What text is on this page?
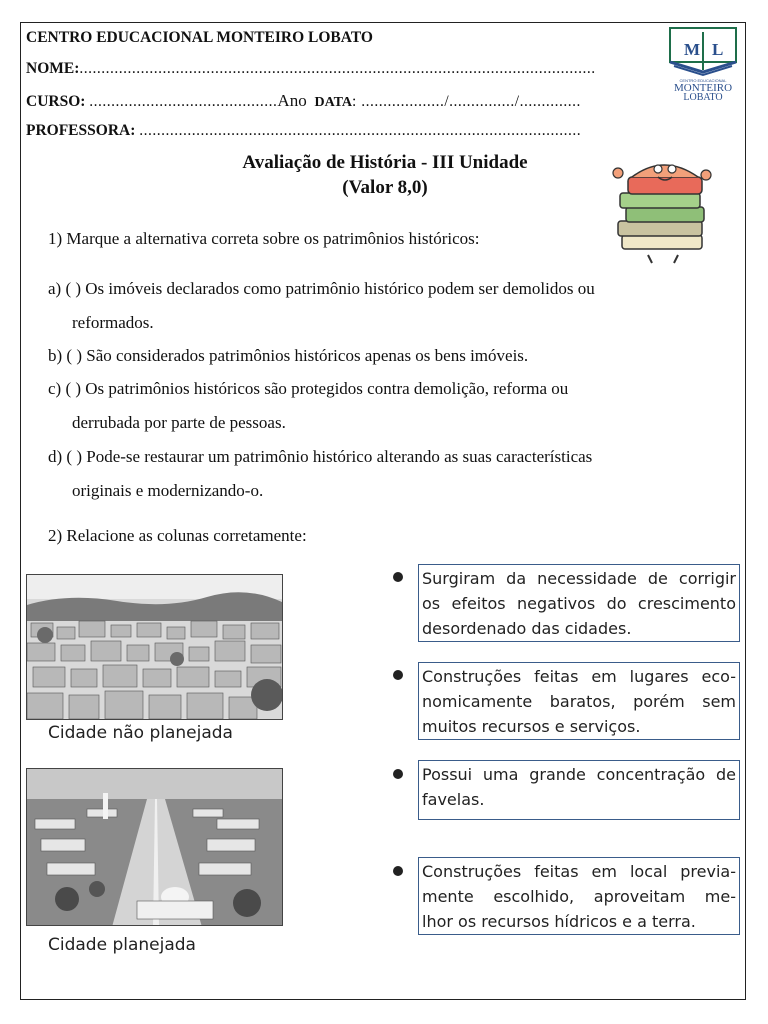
CENTRO EDUCACIONAL MONTEIRO LOBATO
NOME:......................................................................................................................
CURSO: ...........................................Ano DATA: .................../.............../..............
PROFESSORA: .....................................................................................................
M L
CENTRO EDUCACIONAL
MONTEIRO
LOBATO
Avaliação de História - III Unidade
(Valor 8,0)
1) Marque a alternativa correta sobre os patrimônios históricos:
a) ( ) Os imóveis declarados como patrimônio histórico podem ser demolidos ou
reformados.
b) ( ) São considerados patrimônios históricos apenas os bens imóveis.
c) ( ) Os patrimônios históricos são protegidos contra demolição, reforma ou
derrubada por parte de pessoas.
d) ( ) Pode-se restaurar um patrimônio histórico alterando as suas características
originais e modernizando-o.
2) Relacione as colunas corretamente:
Cidade não planejada
Cidade planejada
Surgiram da necessidade de corrigir
os efeitos negativos do crescimento
desordenado das cidades.
Construções feitas em lugares eco-
nomicamente baratos, porém sem
muitos recursos e serviços.
Possui uma grande concentração de
favelas.
Construções feitas em local previa-
mente escolhido, aproveitam me-
lhor os recursos hídricos e a terra.
